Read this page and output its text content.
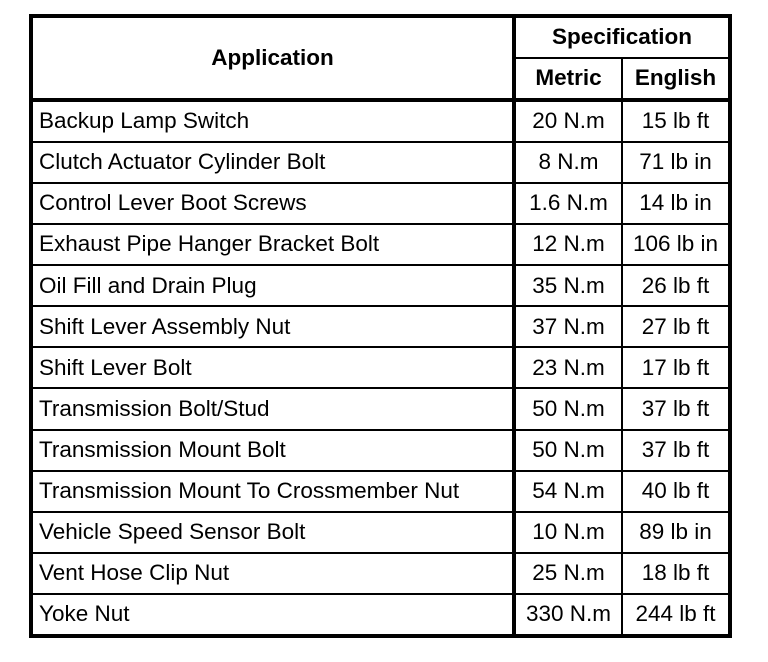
Application	Specification	
	Metric	English
Backup Lamp Switch	20 N.m	15 lb ft
Clutch Actuator Cylinder Bolt	8 N.m	71 lb in
Control Lever Boot Screws	1.6 N.m	14 lb in
Exhaust Pipe Hanger Bracket Bolt	12 N.m	106 lb in
Oil Fill and Drain Plug	35 N.m	26 lb ft
Shift Lever Assembly Nut	37 N.m	27 lb ft
Shift Lever Bolt	23 N.m	17 lb ft
Transmission Bolt/Stud	50 N.m	37 lb ft
Transmission Mount Bolt	50 N.m	37 lb ft
Transmission Mount To Crossmember Nut	54 N.m	40 lb ft
Vehicle Speed Sensor Bolt	10 N.m	89 lb in
Vent Hose Clip Nut	25 N.m	18 lb ft
Yoke Nut	330 N.m	244 lb ft
